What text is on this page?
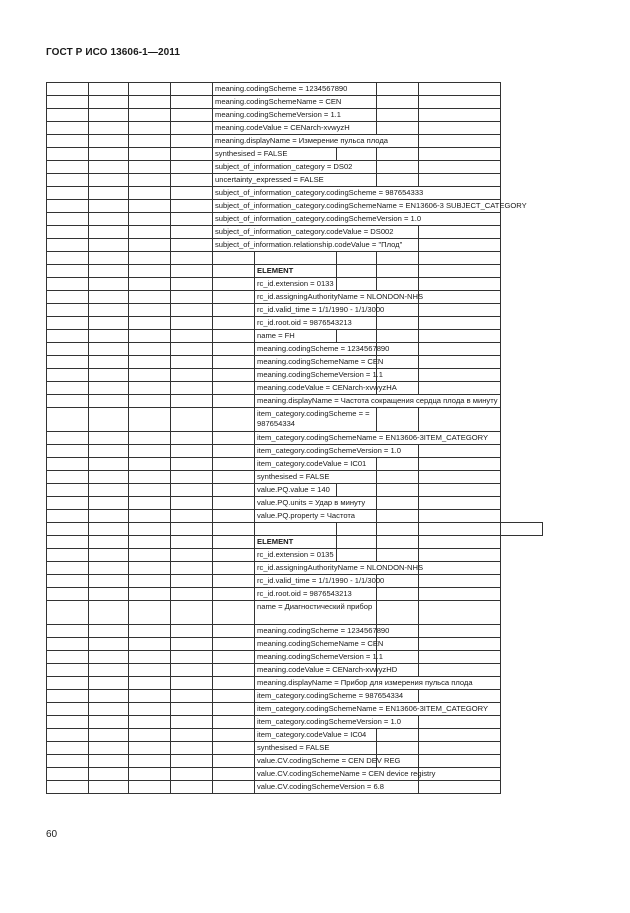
ГОСТ Р ИСО 13606-1—2011
				meaning.codingScheme = 1234567890					
				meaning.codingSchemeName = CEN					
				meaning.codingSchemeVersion = 1.1					
				meaning.codeValue = CENarch-xvwyzH					
				meaning.displayName = Измерение пульса плода					
				synthesised = FALSE					
				subject_of_information_category = DS02					
				uncertainty_expressed = FALSE					
				subject_of_information_category.codingScheme = 987654333					
				subject_of_information_category.codingSchemeName = EN13606-3 SUBJECT_CATEGORY					
				subject_of_information_category.codingSchemeVersion = 1.0					
				subject_of_information_category.codeValue = DS002					
				subject_of_information.relationship.codeValue = "Плод"					

					ELEMENT				
					rc_id.extension = 0133				
					rc_id.assigningAuthorityName = NLONDON-NHS				
					rc_id.valid_time = 1/1/1990 - 1/1/3000				
					rc_id.root.oid = 9876543213				
					name = FH				
					meaning.codingScheme = 1234567890				
					meaning.codingSchemeName = CEN				
					meaning.codingSchemeVersion = 1.1				
					meaning.codeValue = CENarch-xvwyzHA				
					meaning.displayName = Частота сокращения сердца плода в минуту				
					item_category.codingScheme = = 987654334				
					item_category.codingSchemeName = EN13606-3ITEM_CATEGORY				
					item_category.codingSchemeVersion = 1.0				
					item_category.codeValue = IC01				
					synthesised = FALSE				
					value.PQ.value = 140				
					value.PQ.units = Удар в минуту				
					value.PQ.property = Частота				

					ELEMENT				
					rc_id.extension = 0135				
					rc_id.assigningAuthorityName = NLONDON-NHS				
					rc_id.valid_time = 1/1/1990 - 1/1/3000				
					rc_id.root.oid = 9876543213				
					name = Диагностический прибор				
					meaning.codingScheme = 1234567890				
					meaning.codingSchemeName = CEN				
					meaning.codingSchemeVersion = 1.1				
					meaning.codeValue = CENarch-xvwyzHD				
					meaning.displayName = Прибор для измерения пульса плода				
					item_category.codingScheme = 987654334				
					item_category.codingSchemeName = EN13606-3ITEM_CATEGORY				
					item_category.codingSchemeVersion = 1.0				
					item_category.codeValue = IC04				
					synthesised = FALSE				
					value.CV.codingScheme = CEN DEV REG				
					value.CV.codingSchemeName = CEN device registry				
					value.CV.codingSchemeVersion = 6.8				
60
